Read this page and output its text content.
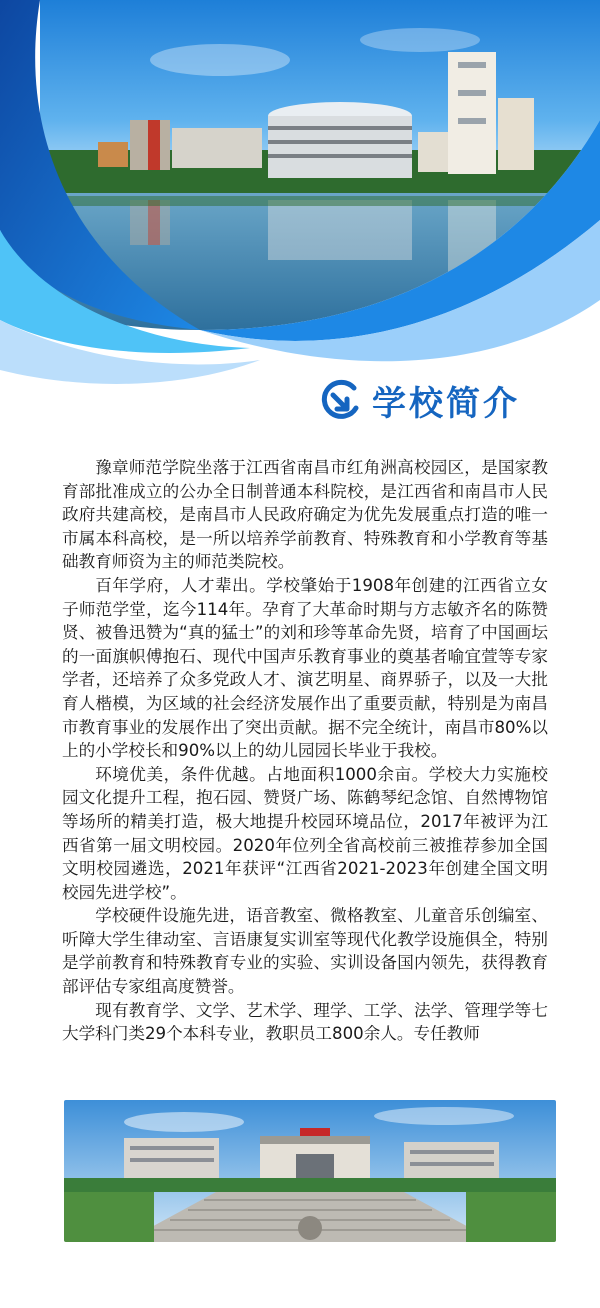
学校简介

豫章师范学院坐落于江西省南昌市红角洲高校园区，是国家教育部批准成立的公办全日制普通本科院校，是江西省和南昌市人民政府共建高校，是南昌市人民政府确定为优先发展重点打造的唯一市属本科高校，是一所以培养学前教育、特殊教育和小学教育等基础教育师资为主的师范类院校。

百年学府，人才辈出。学校肇始于1908年创建的江西省立女子师范学堂，迄今114年。孕育了大革命时期与方志敏齐名的陈赞贤、被鲁迅赞为“真的猛士”的刘和珍等革命先贤，培育了中国画坛的一面旗帜傅抱石、现代中国声乐教育事业的奠基者喻宜萱等专家学者，还培养了众多党政人才、演艺明星、商界骄子，以及一大批育人楷模，为区域的社会经济发展作出了重要贡献，特别是为南昌市教育事业的发展作出了突出贡献。据不完全统计，南昌市80%以上的小学校长和90%以上的幼儿园园长毕业于我校。

环境优美，条件优越。占地面积1000余亩。学校大力实施校园文化提升工程，抱石园、赞贤广场、陈鹤琴纪念馆、自然博物馆等场所的精美打造，极大地提升校园环境品位，2017年被评为江西省第一届文明校园。2020年位列全省高校前三被推荐参加全国文明校园遴选，2021年获评“江西省2021-2023年创建全国文明校园先进学校”。

学校硬件设施先进，语音教室、微格教室、儿童音乐创编室、听障大学生律动室、言语康复实训室等现代化教学设施俱全，特别是学前教育和特殊教育专业的实验、实训设备国内领先，获得教育部评估专家组高度赞誉。

现有教育学、文学、艺术学、理学、工学、法学、管理学等七大学科门类29个本科专业，教职员工800余人。专任教师
